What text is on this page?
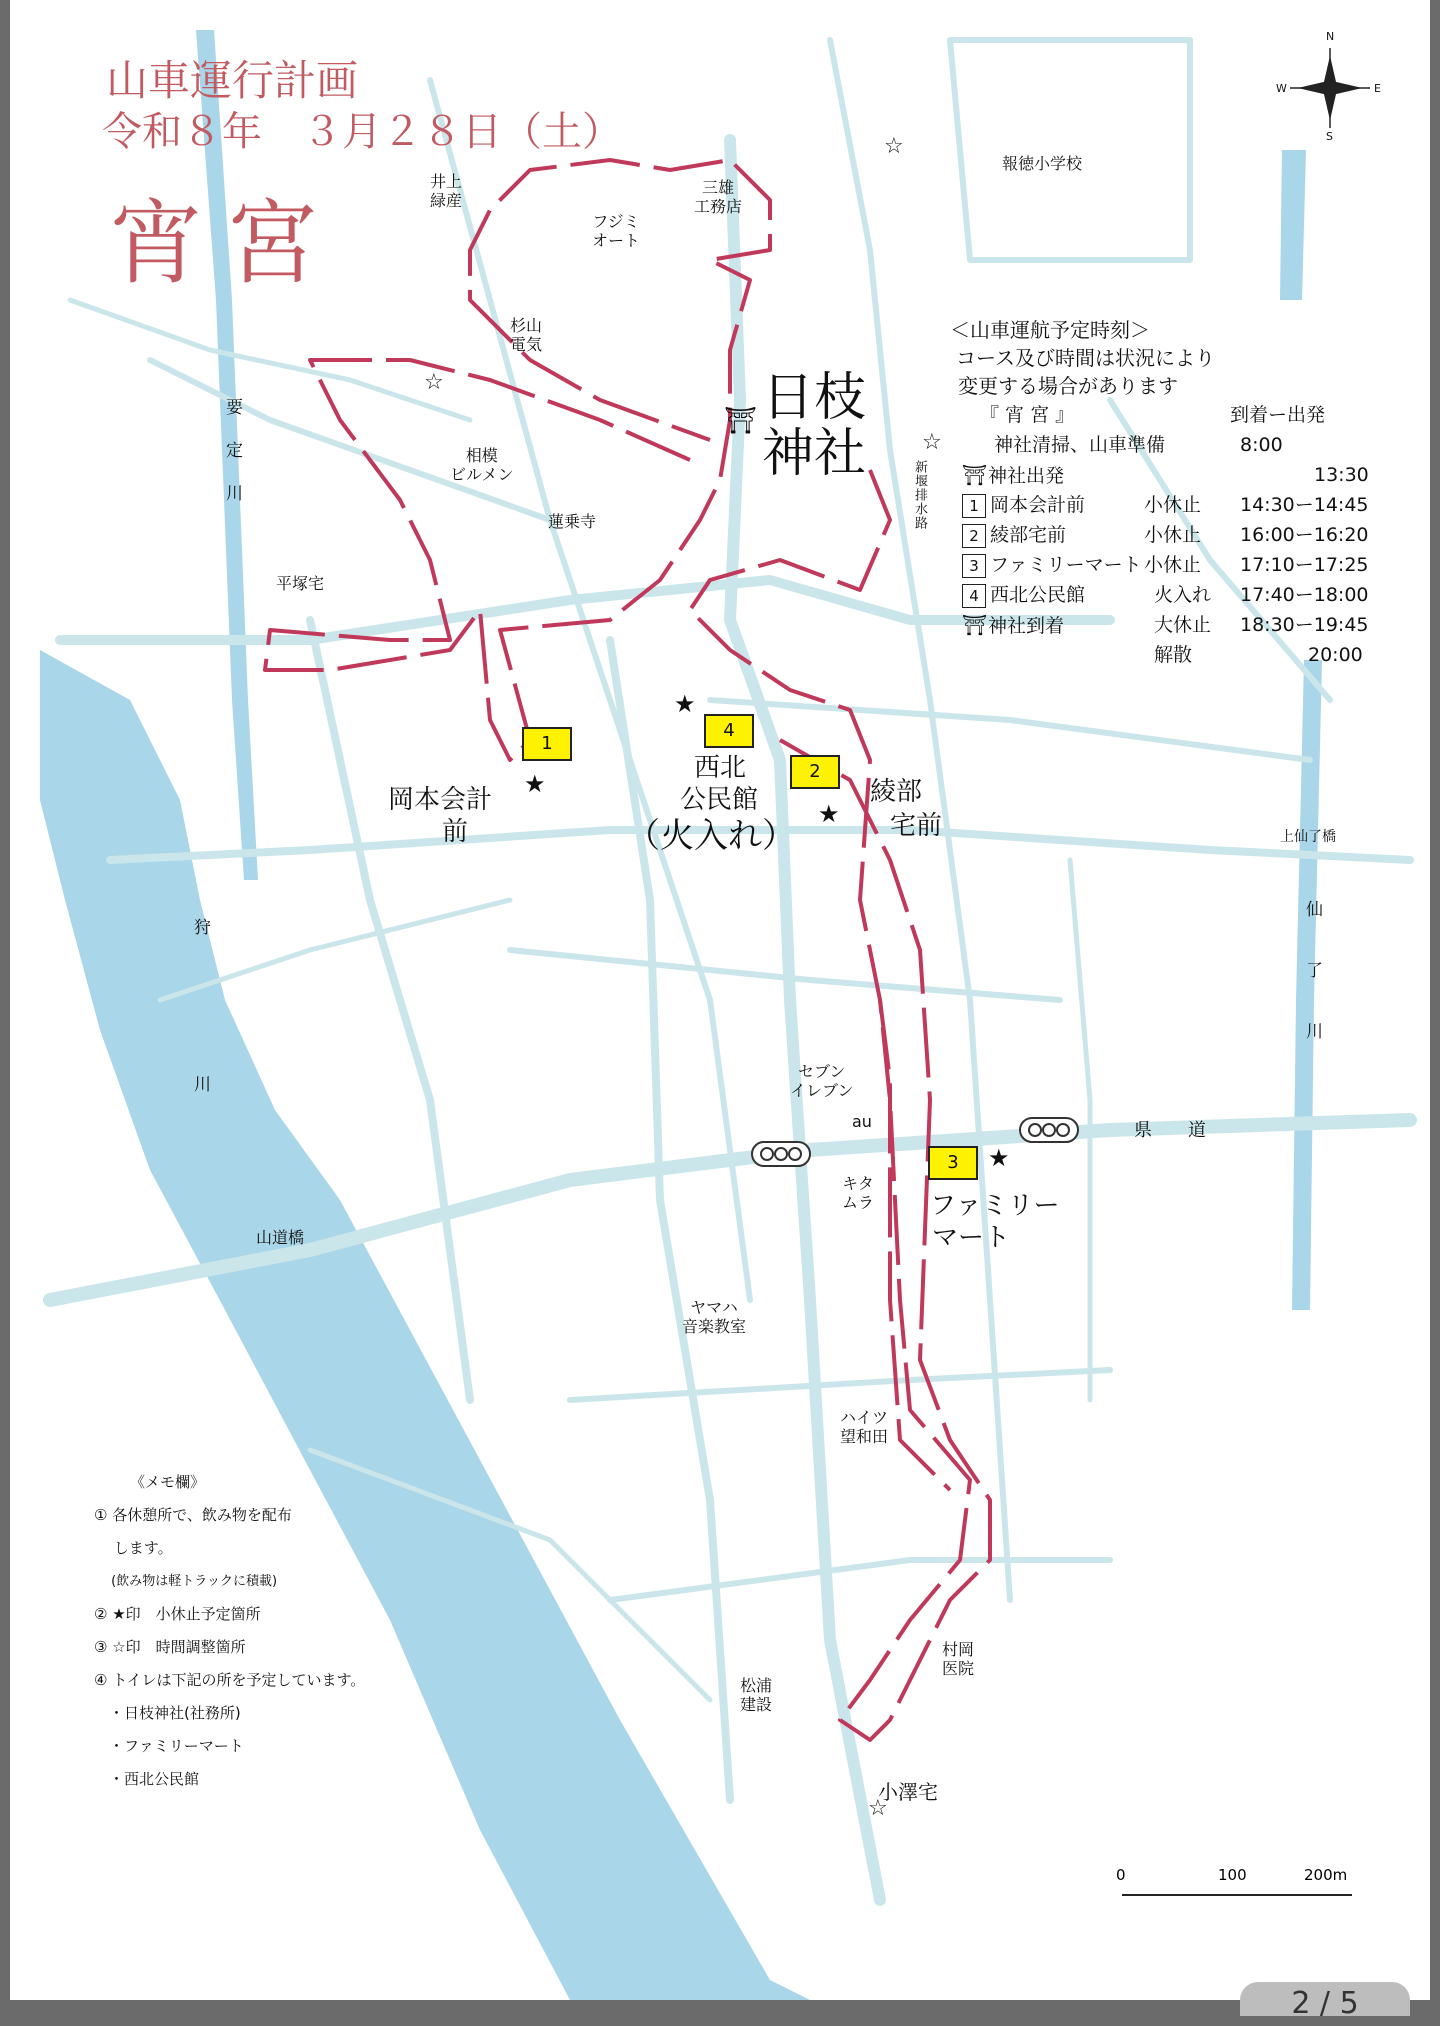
山車運行計画
令和８年　３月２８日（土）
宵宮
⛩ 日枝
神社
井上
緑産
フジミ
オート
三雄
工務店
杉山
電気
報徳小学校
相模
ビルメン
蓮乗寺
平塚宅
セブン
イレブン
au
キタ
ムラ
ヤマハ
音楽教室
ハイツ
望和田
村岡
医院
松浦
建設
小澤宅
山道橋
上仙了橋
県　　道
要定川
狩川	仙了川
新堰排水路
1
岡本会計
前
2
綾部
宅前
3
ファミリー
マート
4
西北
公民館
（火入れ）
★
★
★
★
☆
☆
☆
☆
N
S
W	E
＜山車運航予定時刻＞
コース及び時間は状況により
変更する場合があります
『 宵 宮 』	到着ー出発
神社清掃、山車準備	8:00
⛩神社出発	13:30
1 岡本会計前	小休止 14:30ー14:45
2 綾部宅前	小休止 16:00ー16:20
3 ファミリーマート 小休止 17:10ー17:25
4 西北公民館	火入れ 17:40ー18:00
⛩神社到着	大休止 18:30ー19:45
解散	20:00
《メモ欄》
① 各休憩所で、飲み物を配布
　 します。
　 (飲み物は軽トラックに積載)
② ★印　小休止予定箇所
③ ☆印　時間調整箇所
④ トイレは下記の所を予定しています。
　・日枝神社(社務所)
　・ファミリーマート
　・西北公民館
0	100	200m
2 / 5
